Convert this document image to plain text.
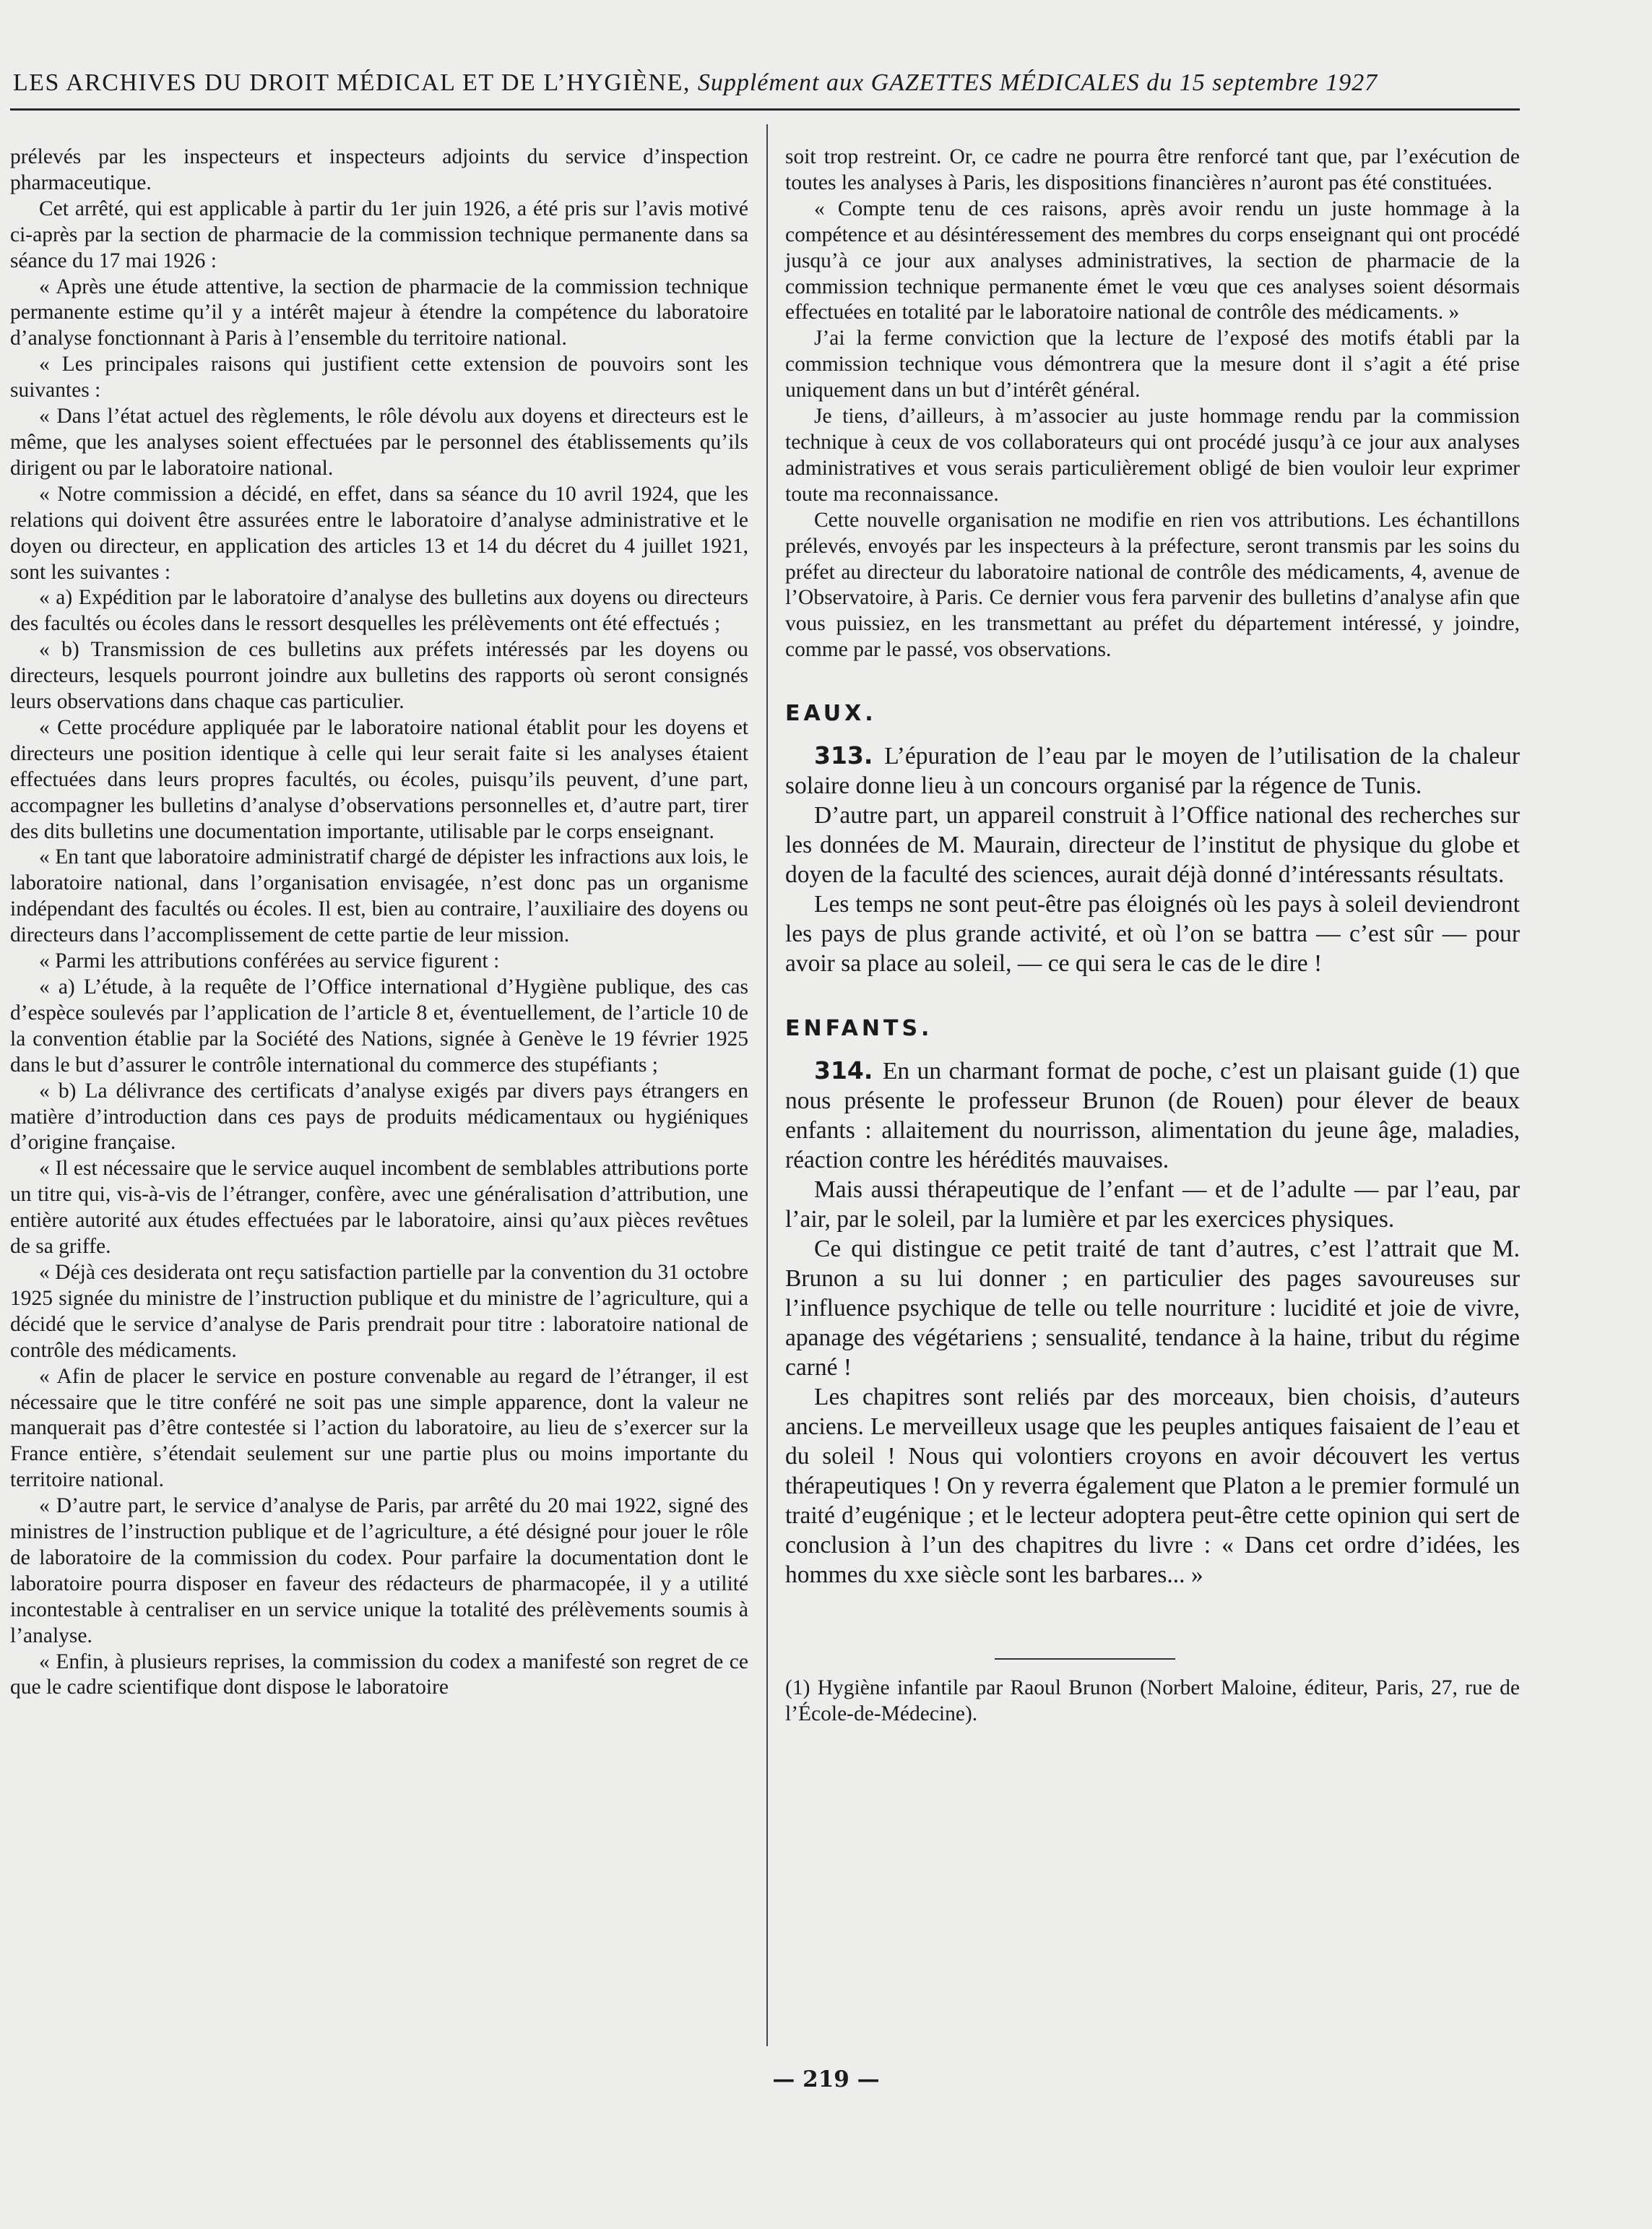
LES ARCHIVES DU DROIT MÉDICAL ET DE L’HYGIÈNE, Supplément aux GAZETTES MÉDICALES du 15 septembre 1927

prélevés par les inspecteurs et inspecteurs adjoints du service d’inspection pharmaceutique.

Cet arrêté, qui est applicable à partir du 1er juin 1926, a été pris sur l’avis motivé ci-après par la section de pharmacie de la commission technique permanente dans sa séance du 17 mai 1926 :

« Après une étude attentive, la section de pharmacie de la commission technique permanente estime qu’il y a intérêt majeur à étendre la compétence du laboratoire d’analyse fonctionnant à Paris à l’ensemble du territoire national.

« Les principales raisons qui justifient cette extension de pouvoirs sont les suivantes :

« Dans l’état actuel des règlements, le rôle dévolu aux doyens et directeurs est le même, que les analyses soient effectuées par le personnel des établissements qu’ils dirigent ou par le laboratoire national.

« Notre commission a décidé, en effet, dans sa séance du 10 avril 1924, que les relations qui doivent être assurées entre le laboratoire d’analyse administrative et le doyen ou directeur, en application des articles 13 et 14 du décret du 4 juillet 1921, sont les suivantes :

« a) Expédition par le laboratoire d’analyse des bulletins aux doyens ou directeurs des facultés ou écoles dans le ressort desquelles les prélèvements ont été effectués ;

« b) Transmission de ces bulletins aux préfets intéressés par les doyens ou directeurs, lesquels pourront joindre aux bulletins des rapports où seront consignés leurs observations dans chaque cas particulier.

« Cette procédure appliquée par le laboratoire national établit pour les doyens et directeurs une position identique à celle qui leur serait faite si les analyses étaient effectuées dans leurs propres facultés, ou écoles, puisqu’ils peuvent, d’une part, accompagner les bulletins d’analyse d’observations personnelles et, d’autre part, tirer des dits bulletins une documentation importante, utilisable par le corps enseignant.

« En tant que laboratoire administratif chargé de dépister les infractions aux lois, le laboratoire national, dans l’organisation envisagée, n’est donc pas un organisme indépendant des facultés ou écoles. Il est, bien au contraire, l’auxiliaire des doyens ou directeurs dans l’accomplissement de cette partie de leur mission.

« Parmi les attributions conférées au service figurent :

« a) L’étude, à la requête de l’Office international d’Hygiène publique, des cas d’espèce soulevés par l’application de l’article 8 et, éventuellement, de l’article 10 de la convention établie par la Société des Nations, signée à Genève le 19 février 1925 dans le but d’assurer le contrôle international du commerce des stupéfiants ;

« b) La délivrance des certificats d’analyse exigés par divers pays étrangers en matière d’introduction dans ces pays de produits médicamentaux ou hygiéniques d’origine française.

« Il est nécessaire que le service auquel incombent de semblables attributions porte un titre qui, vis-à-vis de l’étranger, confère, avec une généralisation d’attribution, une entière autorité aux études effectuées par le laboratoire, ainsi qu’aux pièces revêtues de sa griffe.

« Déjà ces desiderata ont reçu satisfaction partielle par la convention du 31 octobre 1925 signée du ministre de l’instruction publique et du ministre de l’agriculture, qui a décidé que le service d’analyse de Paris prendrait pour titre : laboratoire national de contrôle des médicaments.

« Afin de placer le service en posture convenable au regard de l’étranger, il est nécessaire que le titre conféré ne soit pas une simple apparence, dont la valeur ne manquerait pas d’être contestée si l’action du laboratoire, au lieu de s’exercer sur la France entière, s’étendait seulement sur une partie plus ou moins importante du territoire national.

« D’autre part, le service d’analyse de Paris, par arrêté du 20 mai 1922, signé des ministres de l’instruction publique et de l’agriculture, a été désigné pour jouer le rôle de laboratoire de la commission du codex. Pour parfaire la documentation dont le laboratoire pourra disposer en faveur des rédacteurs de pharmacopée, il y a utilité incontestable à centraliser en un service unique la totalité des prélèvements soumis à l’analyse.

« Enfin, à plusieurs reprises, la commission du codex a manifesté son regret de ce que le cadre scientifique dont dispose le laboratoire

soit trop restreint. Or, ce cadre ne pourra être renforcé tant que, par l’exécution de toutes les analyses à Paris, les dispositions financières n’auront pas été constituées.

« Compte tenu de ces raisons, après avoir rendu un juste hommage à la compétence et au désintéressement des membres du corps enseignant qui ont procédé jusqu’à ce jour aux analyses administratives, la section de pharmacie de la commission technique permanente émet le vœu que ces analyses soient désormais effectuées en totalité par le laboratoire national de contrôle des médicaments. »

J’ai la ferme conviction que la lecture de l’exposé des motifs établi par la commission technique vous démontrera que la mesure dont il s’agit a été prise uniquement dans un but d’intérêt général.

Je tiens, d’ailleurs, à m’associer au juste hommage rendu par la commission technique à ceux de vos collaborateurs qui ont procédé jusqu’à ce jour aux analyses administratives et vous serais particulièrement obligé de bien vouloir leur exprimer toute ma reconnaissance.

Cette nouvelle organisation ne modifie en rien vos attributions. Les échantillons prélevés, envoyés par les inspecteurs à la préfecture, seront transmis par les soins du préfet au directeur du laboratoire national de contrôle des médicaments, 4, avenue de l’Observatoire, à Paris. Ce dernier vous fera parvenir des bulletins d’analyse afin que vous puissiez, en les transmettant au préfet du département intéressé, y joindre, comme par le passé, vos observations.

EAUX.

313. L’épuration de l’eau par le moyen de l’utilisation de la chaleur solaire donne lieu à un concours organisé par la régence de Tunis.

D’autre part, un appareil construit à l’Office national des recherches sur les données de M. Maurain, directeur de l’institut de physique du globe et doyen de la faculté des sciences, aurait déjà donné d’intéressants résultats.

Les temps ne sont peut-être pas éloignés où les pays à soleil deviendront les pays de plus grande activité, et où l’on se battra — c’est sûr — pour avoir sa place au soleil, — ce qui sera le cas de le dire !

ENFANTS.

314. En un charmant format de poche, c’est un plaisant guide (1) que nous présente le professeur Brunon (de Rouen) pour élever de beaux enfants : allaitement du nourrisson, alimentation du jeune âge, maladies, réaction contre les hérédités mauvaises.

Mais aussi thérapeutique de l’enfant — et de l’adulte — par l’eau, par l’air, par le soleil, par la lumière et par les exercices physiques.

Ce qui distingue ce petit traité de tant d’autres, c’est l’attrait que M. Brunon a su lui donner ; en particulier des pages savoureuses sur l’influence psychique de telle ou telle nourriture : lucidité et joie de vivre, apanage des végétariens ; sensualité, tendance à la haine, tribut du régime carné !

Les chapitres sont reliés par des morceaux, bien choisis, d’auteurs anciens. Le merveilleux usage que les peuples antiques faisaient de l’eau et du soleil ! Nous qui volontiers croyons en avoir découvert les vertus thérapeutiques ! On y reverra également que Platon a le premier formulé un traité d’eugénique ; et le lecteur adoptera peut-être cette opinion qui sert de conclusion à l’un des chapitres du livre : « Dans cet ordre d’idées, les hommes du xxe siècle sont les barbares... »

(1) Hygiène infantile par Raoul Brunon (Norbert Maloine, éditeur, Paris, 27, rue de l’École-de-Médecine).

— 219 —
